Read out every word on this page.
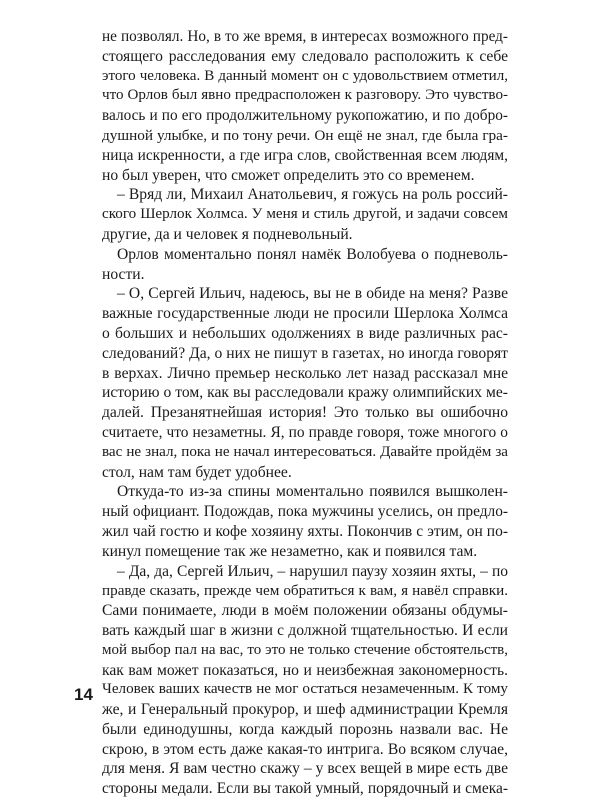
не позволял. Но, в то же время, в интересах возможного пред-
стоящего расследования ему следовало расположить к себе
этого человека. В данный момент он с удовольствием отметил,
что Орлов был явно предрасположен к разговору. Это чувство-
валось и по его продолжительному рукопожатию, и по добро-
душной улыбке, и по тону речи. Он ещё не знал, где была гра-
ница искренности, а где игра слов, свойственная всем людям,
но был уверен, что сможет определить это со временем.
– Вряд ли, Михаил Анатольевич, я гожусь на роль россий-
ского Шерлок Холмса. У меня и стиль другой, и задачи совсем
другие, да и человек я подневольный.
Орлов моментально понял намёк Волобуева о подневоль-
ности.
– О, Сергей Ильич, надеюсь, вы не в обиде на меня? Разве
важные государственные люди не просили Шерлока Холмса
о больших и небольших одолжениях в виде различных рас-
следований? Да, о них не пишут в газетах, но иногда говорят
в верхах. Лично премьер несколько лет назад рассказал мне
историю о том, как вы расследовали кражу олимпийских ме-
далей. Презанятнейшая история! Это только вы ошибочно
считаете, что незаметны. Я, по правде говоря, тоже многого о
вас не знал, пока не начал интересоваться. Давайте пройдём за
стол, нам там будет удобнее.
Откуда-то из-за спины моментально появился вышколен-
ный официант. Подождав, пока мужчины уселись, он предло-
жил чай гостю и кофе хозяину яхты. Покончив с этим, он по-
кинул помещение так же незаметно, как и появился там.
– Да, да, Сергей Ильич, – нарушил паузу хозяин яхты, – по
правде сказать, прежде чем обратиться к вам, я навёл справки.
Сами понимаете, люди в моём положении обязаны обдумы-
вать каждый шаг в жизни с должной тщательностью. И если
мой выбор пал на вас, то это не только стечение обстоятельств,
как вам может показаться, но и неизбежная закономерность.
Человек ваших качеств не мог остаться незамеченным. К тому
же, и Генеральный прокурор, и шеф администрации Кремля
были единодушны, когда каждый порознь назвали вас. Не
скрою, в этом есть даже какая-то интрига. Во всяком случае,
для меня. Я вам честно скажу – у всех вещей в мире есть две
стороны медали. Если вы такой умный, порядочный и смека-
14
